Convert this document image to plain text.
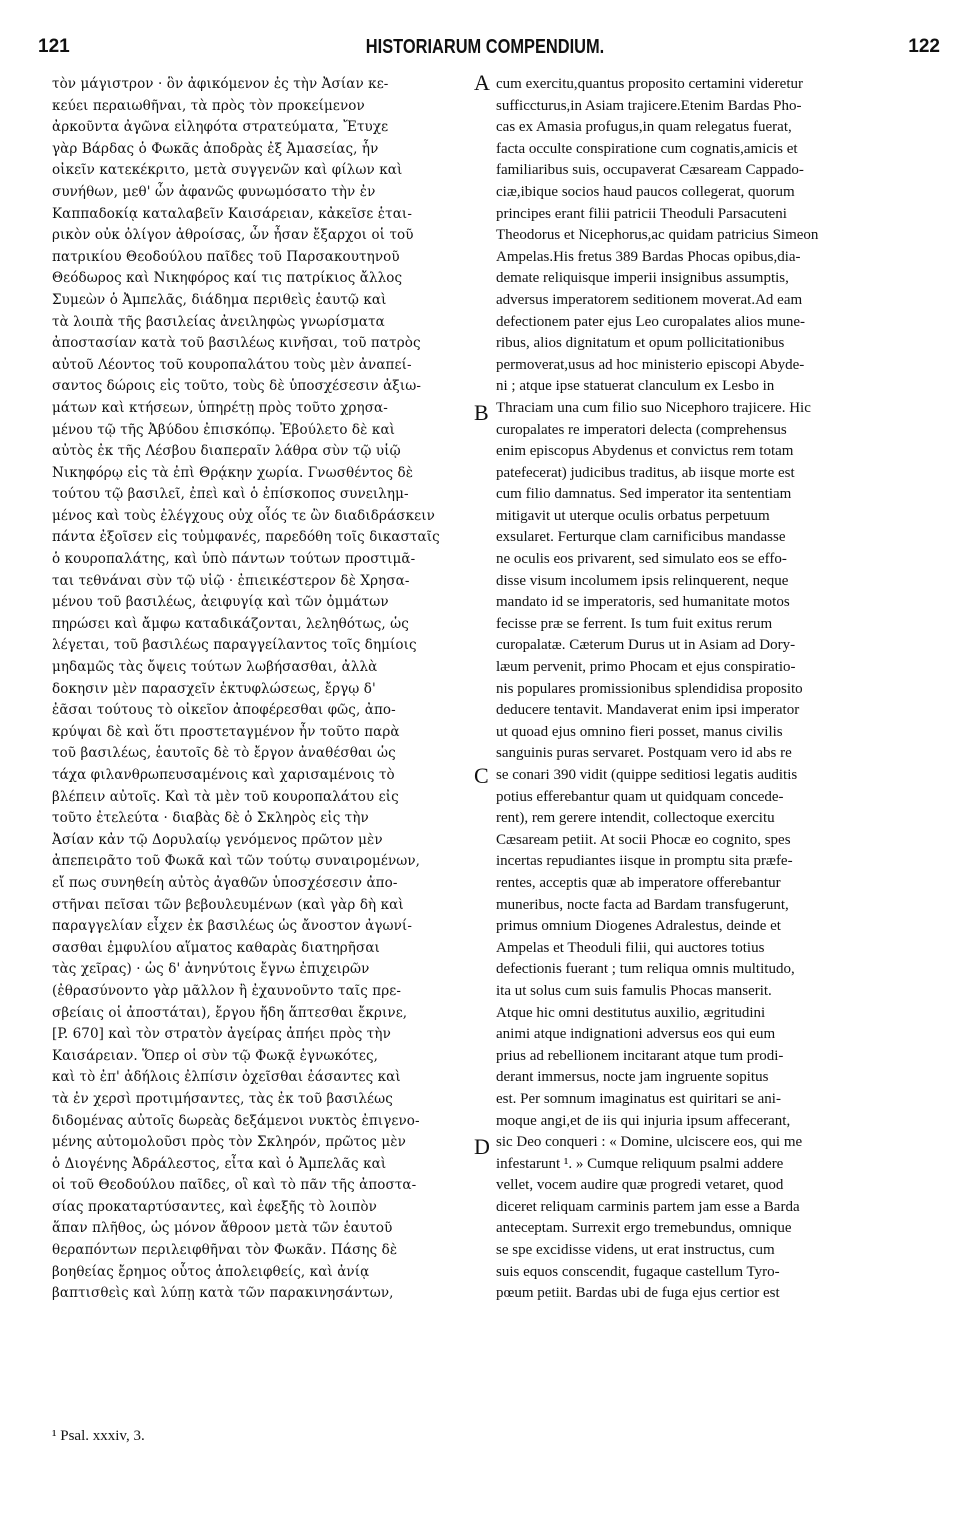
121	HISTORIARUM COMPENDIUM.	122
τὸν μάγιστρον · ὃν ἀφικόμενον ἐς τὴν Ἀσίαν κε-
κεύει περαιωθῆναι, τὰ πρὸς τὸν προκείμενον
ἀρκοῦντα ἀγῶνα εἰληφότα στρατεύματα, Ἔτυχε
γὰρ Βάρδας ὁ Φωκᾶς ἀποδρὰς ἐξ Ἀμασείας, ἧν
οἰκεῖν κατεκέκριτο, μετὰ συγγενῶν καὶ φίλων καὶ
συνήθων, μεθ' ὧν ἀφανῶς φυνωμόσατο τὴν ἐν
Καππαδοκίᾳ καταλαβεῖν Καισάρειαν, κἀκεῖσε ἑται-
ρικὸν οὐκ ὀλίγον ἀθροίσας, ὧν ἦσαν ἔξαρχοι οἱ τοῦ
πατρικίου Θεοδούλου παῖδες τοῦ Παρσακουτηνοῦ
Θεόδωρος καὶ Νικηφόρος καί τις πατρίκιος ἄλλος
Συμεὼν ὁ Ἀμπελᾶς, διάδημα περιθεὶς ἑαυτῷ καὶ
τὰ λοιπὰ τῆς βασιλείας ἀνειληφὼς γνωρίσματα
ἀποστασίαν κατὰ τοῦ βασιλέως κινῆσαι, τοῦ πατρὸς
αὐτοῦ Λέοντος τοῦ κουροπαλάτου τοὺς μὲν ἀναπεί-
σαντος δώροις εἰς τοῦτο, τοὺς δὲ ὑποσχέσεσιν ἀξιω-
μάτων καὶ κτήσεων, ὑπηρέτῃ πρὸς τοῦτο χρησα-
μένου τῷ τῆς Ἀβύδου ἐπισκόπῳ. Ἐβούλετο δὲ καὶ
αὐτὸς ἐκ τῆς Λέσβου διαπεραῖν λάθρα σὺν τῷ υἱῷ
Νικηφόρῳ εἰς τὰ ἐπὶ Θρᾴκην χωρία. Γνωσθέντος δὲ
τούτου τῷ βασιλεῖ, ἐπεὶ καὶ ὁ ἐπίσκοπος συνειλημ-
μένος καὶ τοὺς ἐλέγχους οὐχ οἷός τε ὢν διαδιδράσκειν
πάντα ἐξοῖσεν εἰς τοὐμφανές, παρεδόθη τοῖς δικασταῖς
ὁ κουροπαλάτης, καὶ ὑπὸ πάντων τούτων προστιμᾶ-
ται τεθνάναι σὺν τῷ υἱῷ · ἐπιεικέστερον δὲ Χρησα-
μένου τοῦ βασιλέως, ἀειφυγίᾳ καὶ τῶν ὀμμάτων
πηρώσει καὶ ἄμφω καταδικάζονται, λεληθότως, ὡς
λέγεται, τοῦ βασιλέως παραγγείλαντος τοῖς δημίοις
μηδαμῶς τὰς ὄψεις τούτων λωβήσασθαι, ἀλλὰ
δοκησιν μὲν παρασχεῖν ἐκτυφλώσεως, ἔργῳ δ'
ἐᾶσαι τούτους τὸ οἰκεῖον ἀποφέρεσθαι φῶς, ἀπο-
κρύψαι δὲ καὶ ὅτι προστεταγμένον ἦν τοῦτο παρὰ
τοῦ βασιλέως, ἑαυτοῖς δὲ τὸ ἔργον ἀναθέσθαι ὡς
τάχα φιλανθρωπευσαμένοις καὶ χαρισαμένοις τὸ
βλέπειν αὐτοῖς. Καὶ τὰ μὲν τοῦ κουροπαλάτου εἰς
τοῦτο ἐτελεύτα · διαβὰς δὲ ὁ Σκληρὸς εἰς τὴν
Ἀσίαν κἀν τῷ Δορυλαίῳ γενόμενος πρῶτον μὲν
ἀπεπειρᾶτο τοῦ Φωκᾶ καὶ τῶν τούτῳ συναιρομένων,
εἴ πως συνηθείη αὐτὸς ἀγαθῶν ὑποσχέσεσιν ἀπο-
στῆναι πεῖσαι τῶν βεβουλευμένων (καὶ γὰρ δὴ καὶ
παραγγελίαν εἶχεν ἐκ βασιλέως ὡς ἄνοστον ἀγωνί-
σασθαι ἐμφυλίου αἵματος καθαρὰς διατηρῆσαι
τὰς χεῖρας) · ὡς δ' ἀνηνύτοις ἔγνω ἐπιχειρῶν
(ἐθρασύνοντο γὰρ μᾶλλον ἢ ἐχαυνοῦντο ταῖς πρε-
σβείαις οἱ ἀποστάται), ἔργου ἤδη ἅπτεσθαι ἔκρινε,
[P. 670] καὶ τὸν στρατὸν ἀγείρας ἀπήει πρὸς τὴν
Καισάρειαν. Ὅπερ οἱ σὺν τῷ Φωκᾷ ἐγνωκότες,
καὶ τὸ ἐπ' ἀδήλοις ἐλπίσιν ὀχεῖσθαι ἐάσαντες καὶ
τὰ ἐν χερσὶ προτιμήσαντες, τὰς ἐκ τοῦ βασιλέως
διδομένας αὐτοῖς δωρεὰς δεξάμενοι νυκτὸς ἐπιγενο-
μένης αὐτομολοῦσι πρὸς τὸν Σκληρόν, πρῶτος μὲν
ὁ Διογένης Ἀδράλεστος, εἶτα καὶ ὁ Ἀμπελᾶς καὶ
οἱ τοῦ Θεοδούλου παῖδες, οἳ καὶ τὸ πᾶν τῆς ἀποστα-
σίας προκαταρτύσαντες, καὶ ἐφεξῆς τὸ λοιπὸν
ἅπαν πλῆθος, ὡς μόνον ἄθροον μετὰ τῶν ἑαυτοῦ
θεραπόντων περιλειφθῆναι τὸν Φωκᾶν. Πάσης δὲ
βοηθείας ἔρημος οὗτος ἀπολειφθείς, καὶ ἀνίᾳ
βαπτισθεὶς καὶ λύπῃ κατὰ τῶν παρακινησάντων,
cum exercitu,quantus proposito certamini videretur
sufficcturus,in Asiam trajicere.Etenim Bardas Pho-
cas ex Amasia profugus,in quam relegatus fuerat,
facta occulte conspiratione cum cognatis,amicis et
familiaribus suis, occupaverat Cæsaream Cappado-
ciæ,ibique socios haud paucos collegerat, quorum
principes erant filii patricii Theoduli Parsacuteni
Theodorus et Nicephorus,ac quidam patricius Simeon
Ampelas.His fretus 389 Bardas Phocas opibus,dia-
demate reliquisque imperii insignibus assumptis,
adversus imperatorem seditionem moverat.Ad eam
defectionem pater ejus Leo curopalates alios mune-
ribus, alios dignitatum et opum pollicitationibus
permoverat,usus ad hoc ministerio episcopi Abyde-
ni ; atque ipse statuerat clanculum ex Lesbo in
Thraciam una cum filio suo Nicephoro trajicere. Hic
curopalates re imperatori delecta (comprehensus
enim episcopus Abydenus et convictus rem totam
patefecerat) judicibus traditus, ab iisque morte est
cum filio damnatus. Sed imperator ita sententiam
mitigavit ut uterque oculis orbatus perpetuum
exsularet. Ferturque clam carnificibus mandasse
ne oculis eos privarent, sed simulato eos se effo-
disse visum incolumem ipsis relinquerent, neque
mandato id se imperatoris, sed humanitate motos
fecisse præ se ferrent. Is tum fuit exitus rerum
curopalatæ. Cæterum Durus ut in Asiam ad Dory-
læum pervenit, primo Phocam et ejus conspiratio-
nis populares promissionibus splendidisa proposito
deducere tentavit. Mandaverat enim ipsi imperator
ut quoad ejus omnino fieri posset, manus civilis
sanguinis puras servaret. Postquam vero id abs re
se conari 390 vidit (quippe seditiosi legatis auditis
potius efferebantur quam ut quidquam concede-
rent), rem gerere intendit, collectoque exercitu
Cæsaream petiit. At socii Phocæ eo cognito, spes
incertas repudiantes iisque in promptu sita præfe-
rentes, acceptis quæ ab imperatore offerebantur
muneribus, nocte facta ad Bardam transfugerunt,
primus omnium Diogenes Adralestus, deinde et
Ampelas et Theoduli filii, qui auctores totius
defectionis fuerant ; tum reliqua omnis multitudo,
ita ut solus cum suis famulis Phocas manserit.
Atque hic omni destitutus auxilio, ægritudini
animi atque indignationi adversus eos qui eum
prius ad rebellionem incitarant atque tum prodi-
derant immersus, nocte jam ingruente sopitus
est. Per somnum imaginatus est quiritari se ani-
moque angi,et de iis qui injuria ipsum affecerant,
sic Deo conqueri : « Domine, ulciscere eos, qui me
infestarunt ¹. » Cumque reliquum psalmi addere
vellet, vocem audire quæ progredi vetaret, quod
diceret reliquam carminis partem jam esse a Barda
anteceptam. Surrexit ergo tremebundus, omnique
se spe excidisse videns, ut erat instructus, cum
suis equos conscendit, fugaque castellum Tyro-
pœum petiit. Bardas ubi de fuga ejus certior est
A
B
C
D
¹ Psal. xxxiv, 3.
